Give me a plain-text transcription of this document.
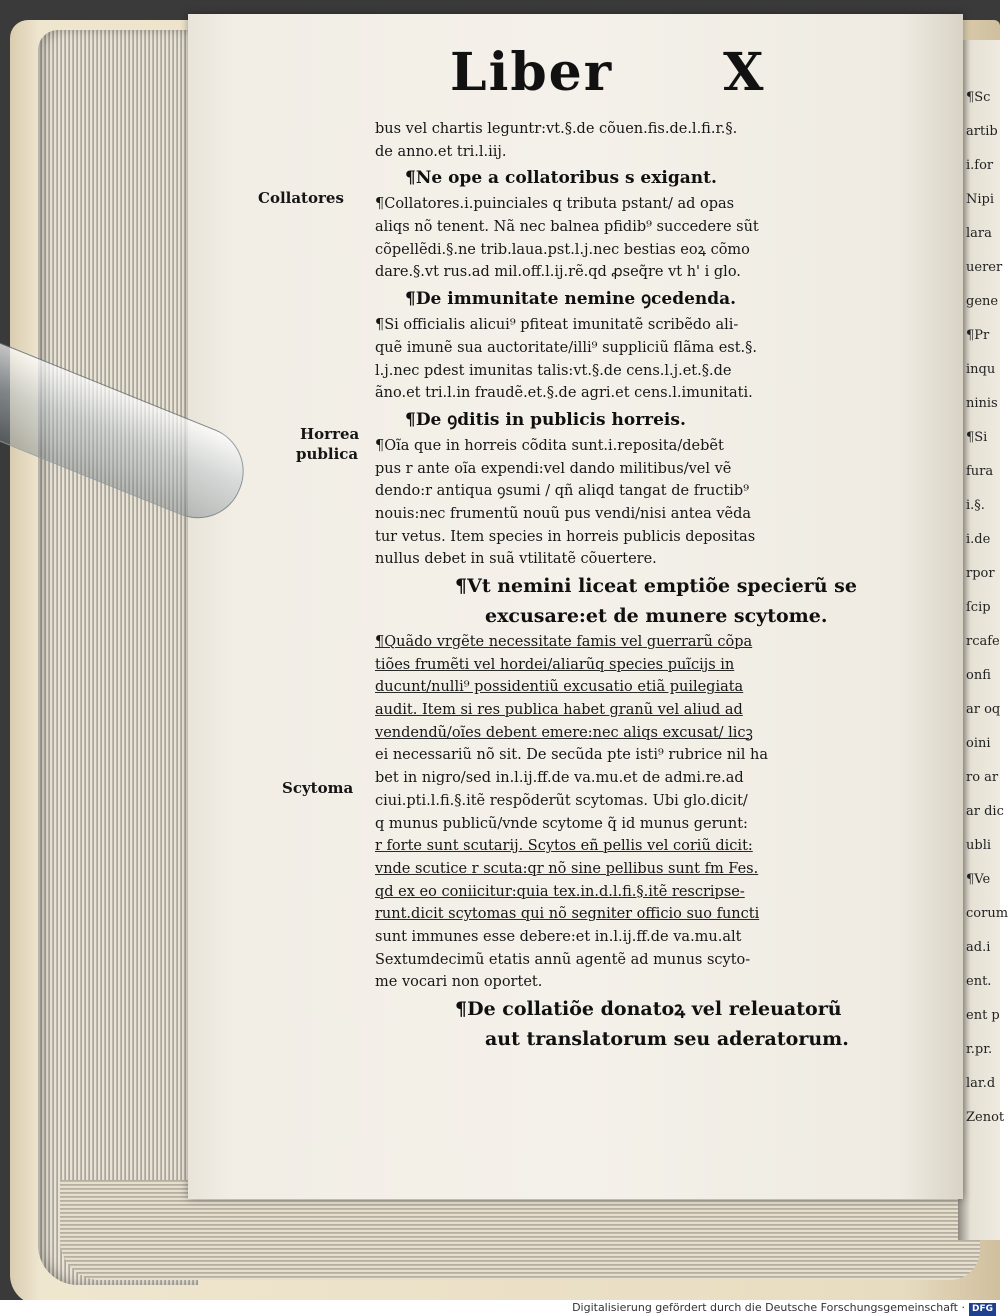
¶Sc
artib
i.for
Nipi
lara
uerer
gene
¶Pr
inqu
ninis
¶Si
fura
i.§.
i.de
rpor
ſcip
rcafe
onfi
ar oq
oini
ro ar
ar dic
ubli
¶Ve
corum
ad.i
ent.
ent p
r.pr.
lar.d
Zenot
Liber X
Collatores
Horrea
publica
Scytoma
bus vel chartis leguntr:vt.§.de cõuen.fis.de.l.fi.r.§.
de anno.et tri.l.iij.
¶Ne ope a collatoribus s exigant.
¶Collatores.i.puinciales q tributa pstant/ ad opas
aliqs nõ tenent. Nã nec balnea pfidib⁹ succedere sũt
cõpellẽdi.§.ne trib.laua.pst.l.j.nec bestias eoꝝ cõmo
dare.§.vt rus.ad mil.off.l.ij.rẽ.qd ꝓseq̃re vt h' i glo.
¶De immunitate nemine ꝯcedenda.
¶Si officialis alicui⁹ pfiteat imunitatẽ scribẽdo ali-
quẽ imunẽ sua auctoritate/illi⁹ suppliciũ flãma est.§.
l.j.nec pdest imunitas talis:vt.§.de cens.l.j.et.§.de
ãno.et tri.l.in fraudẽ.et.§.de agri.et cens.l.imunitati.
¶De ꝯditis in publicis horreis.
¶Oĩa que in horreis cõdita sunt.i.reposita/debẽt
pus r ante oĩa expendi:vel dando militibus/vel vẽ
dendo:r antiqua ꝯsumi / qñ aliqd tangat de fructib⁹
nouis:nec frumentũ nouũ pus vendi/nisi antea vẽda
tur vetus. Item species in horreis publicis depositas
nullus debet in suã vtilitatẽ cõuertere.
¶Vt nemini liceat emptiõe specierũ se
excusare:et de munere scytome.
¶Quãdo vrgẽte necessitate famis vel guerrarũ cõpa
tiões frumẽti vel hordei/aliarũq species puĩcijs in
ducunt/nulli⁹ possidentiũ excusatio etiã puilegiata
audit. Item si res publica habet granũ vel aliud ad
vendendũ/oĩes debent emere:nec aliqs excusat/ licꝫ
ei necessariũ nõ sit. De secũda pte isti⁹ rubrice nil ha
bet in nigro/sed in.l.ij.ff.de va.mu.et de admi.re.ad
ciui.pti.l.fi.§.itẽ respõderũt scytomas. Ubi glo.dicit/
q munus publicũ/vnde scytome q̃ id munus gerunt:
r forte sunt scutarij. Scytos eñ pellis vel coriũ dicit:
vnde scutice r scuta:qr nõ sine pellibus sunt fm Fes.
qd ex eo coniicitur:quia tex.in.d.l.fi.§.itẽ rescripse-
runt.dicit scytomas qui nõ segniter officio suo functi
sunt immunes esse debere:et in.l.ij.ff.de va.mu.alt
Sextumdecimũ etatis annũ agentẽ ad munus scyto-
me vocari non oportet.
¶De collatiõe donatoꝝ vel releuatorũ
aut translatorum seu aderatorum.
Digitalisierung gefördert durch die Deutsche Forschungsgemeinschaft · DFG
